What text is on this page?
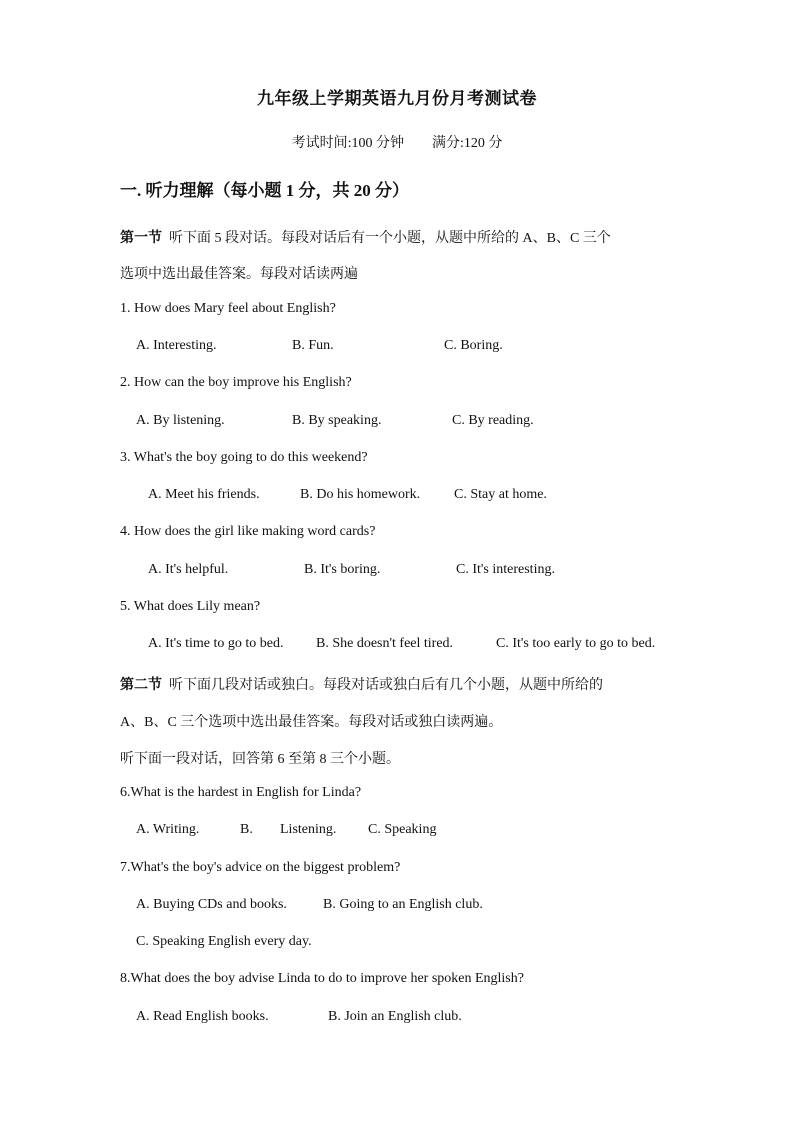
九年级上学期英语九月份月考测试卷
考试时间:100 分钟 满分:120 分
一. 听力理解（每小题 1 分，共 20 分）
第一节 听下面 5 段对话。每段对话后有一个小题，从题中所给的 A、B、C 三个
选项中选出最佳答案。每段对话读两遍
1. How does Mary feel about English?
A. Interesting.	B. Fun.	C. Boring.
2. How can the boy improve his English?
A. By listening.	B. By speaking.	C. By reading.
3. What's the boy going to do this weekend?
A. Meet his friends.	B. Do his homework. C. Stay at home.
4. How does the girl like making word cards?
A. It's helpful.	B. It's boring.	C. It's interesting.
5. What does Lily mean?
A. It's time to go to bed. B. She doesn't feel tired.	C. It's too early to go to bed.
第二节 听下面几段对话或独白。每段对话或独白后有几个小题，从题中所给的
A、B、C 三个选项中选出最佳答案。每段对话或独白读两遍。
听下面一段对话，回答第 6 至第 8 三个小题。
6.What is the hardest in English for Linda?
A. Writing.	B. Listening. C. Speaking
7.What's the boy's advice on the biggest problem?
A. Buying CDs and books.	B. Going to an English club.
C. Speaking English every day.
8.What does the boy advise Linda to do to improve her spoken English?
A. Read English books.	B. Join an English club.
